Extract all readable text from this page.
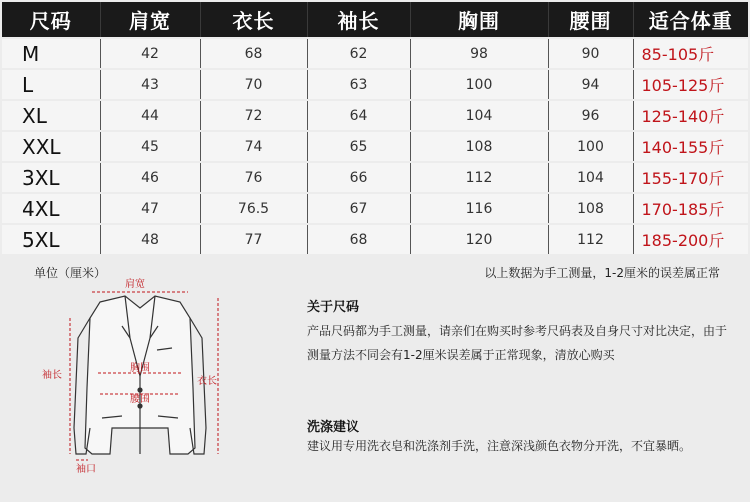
尺码	肩宽	衣长	袖长	胸围	腰围	适合体重
M	42	68	62	98	90	85-105斤
L	43	70	63	100	94	105-125斤
XL	44	72	64	104	96	125-140斤
XXL	45	74	65	108	100	140-155斤
3XL	46	76	66	112	104	155-170斤
4XL	47	76.5	67	116	108	170-185斤
5XL	48	77	68	120	112	185-200斤
单位（厘米）	以上数据为手工测量，1-2厘米的误差属正常
肩宽
袖长
衣长
胸围
腰围
袖口
关于尺码
产品尺码都为手工测量，请亲们在购买时参考尺码表及自身尺寸对比决定，由于测量方法不同会有1-2厘米误差属于正常现象，清放心购买
洗涤建议
建议用专用洗衣皂和洗涤剂手洗，注意深浅颜色衣物分开洗，不宜暴晒。
